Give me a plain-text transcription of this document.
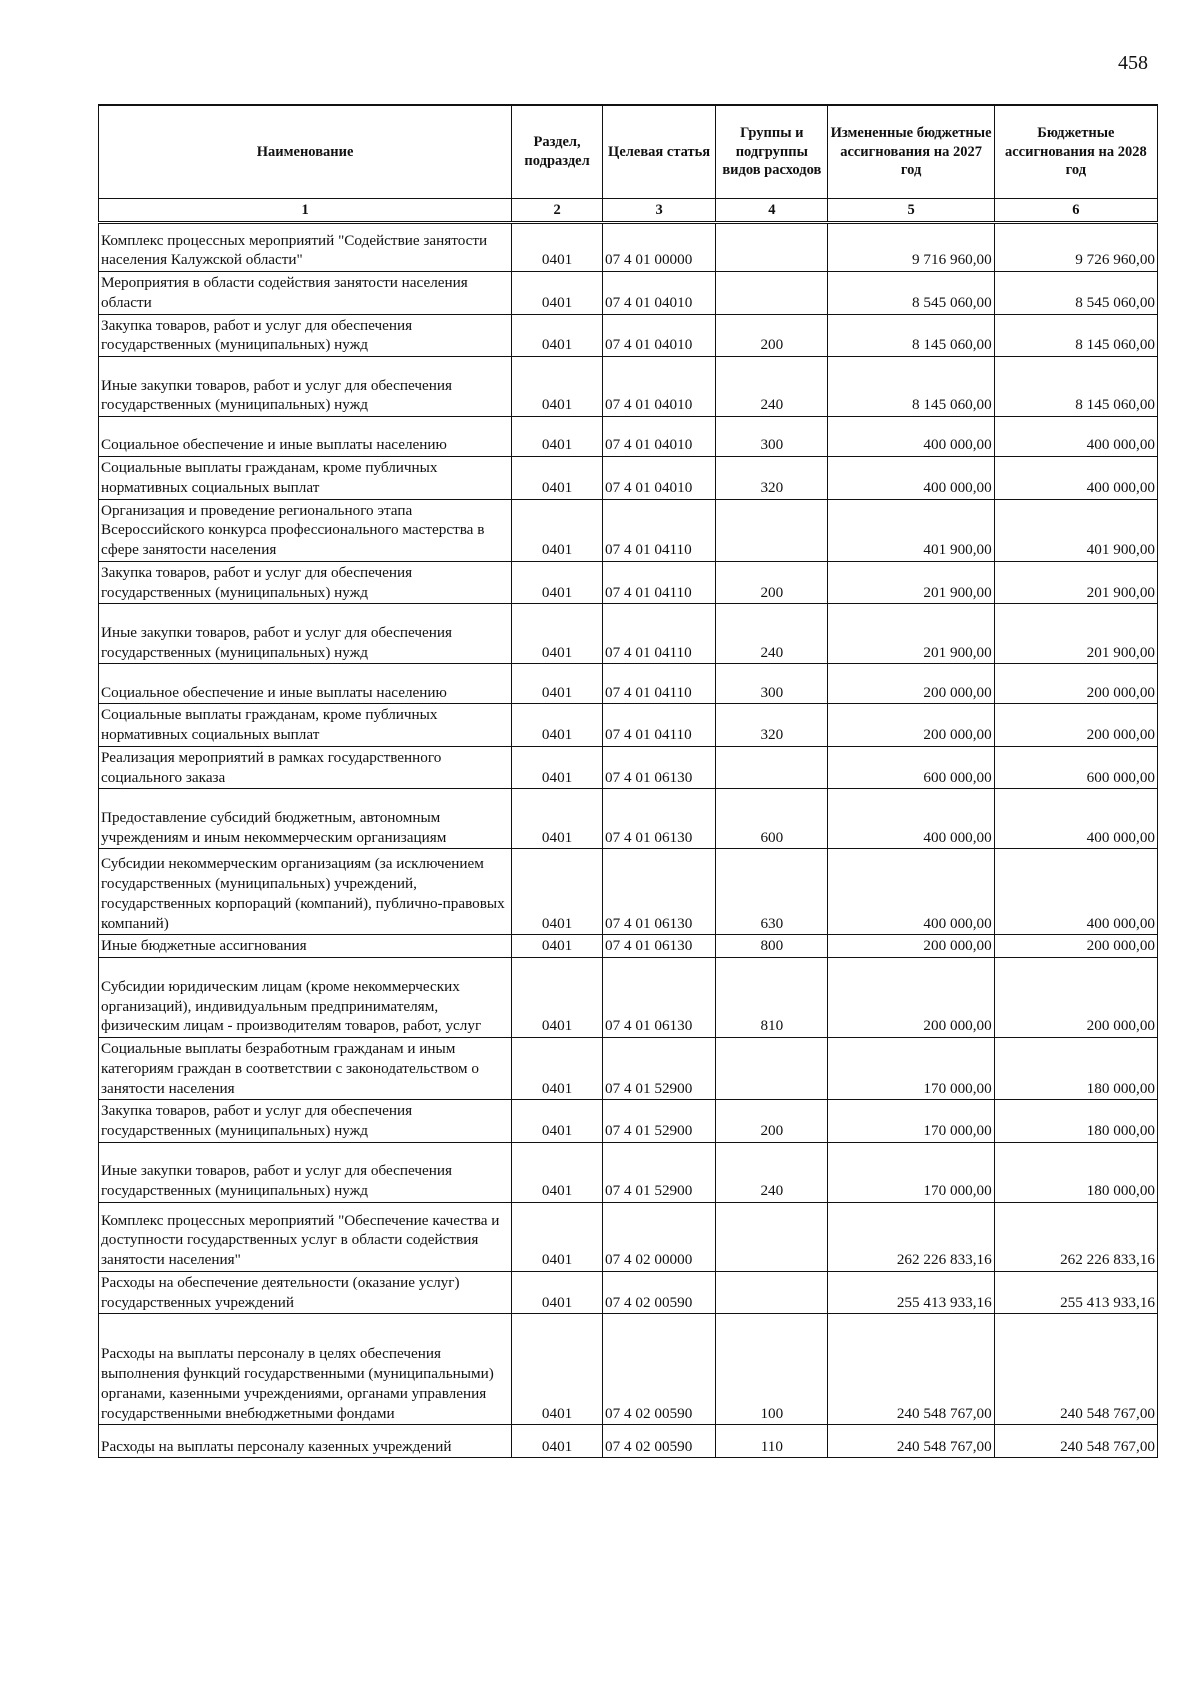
458
Наименование	Раздел, подраздел	Целевая статья	Группы и подгруппы видов расходов	Измененные бюджетные ассигнования на 2027 год	Бюджетные ассигнования на 2028 год
1	2	3	4	5	6
Комплекс процессных мероприятий "Содействие занятости населения Калужской области"	0401	07 4 01 00000		9 716 960,00	9 726 960,00
Мероприятия в области содействия занятости населения области	0401	07 4 01 04010		8 545 060,00	8 545 060,00
Закупка товаров, работ и услуг для обеспечения государственных (муниципальных) нужд	0401	07 4 01 04010	200	8 145 060,00	8 145 060,00
Иные закупки товаров, работ и услуг для обеспечения государственных (муниципальных) нужд	0401	07 4 01 04010	240	8 145 060,00	8 145 060,00
Социальное обеспечение и иные выплаты населению	0401	07 4 01 04010	300	400 000,00	400 000,00
Социальные выплаты гражданам, кроме публичных нормативных социальных выплат	0401	07 4 01 04010	320	400 000,00	400 000,00
Организация и проведение регионального этапа Всероссийского конкурса профессионального мастерства в сфере занятости населения	0401	07 4 01 04110		401 900,00	401 900,00
Закупка товаров, работ и услуг для обеспечения государственных (муниципальных) нужд	0401	07 4 01 04110	200	201 900,00	201 900,00
Иные закупки товаров, работ и услуг для обеспечения государственных (муниципальных) нужд	0401	07 4 01 04110	240	201 900,00	201 900,00
Социальное обеспечение и иные выплаты населению	0401	07 4 01 04110	300	200 000,00	200 000,00
Социальные выплаты гражданам, кроме публичных нормативных социальных выплат	0401	07 4 01 04110	320	200 000,00	200 000,00
Реализация мероприятий в рамках государственного социального заказа	0401	07 4 01 06130		600 000,00	600 000,00
Предоставление субсидий бюджетным, автономным учреждениям и иным некоммерческим организациям	0401	07 4 01 06130	600	400 000,00	400 000,00
Субсидии некоммерческим организациям (за исключением государственных (муниципальных) учреждений, государственных корпораций (компаний), публично-правовых компаний)	0401	07 4 01 06130	630	400 000,00	400 000,00
Иные бюджетные ассигнования	0401	07 4 01 06130	800	200 000,00	200 000,00
Субсидии юридическим лицам (кроме некоммерческих организаций), индивидуальным предпринимателям, физическим лицам - производителям товаров, работ, услуг	0401	07 4 01 06130	810	200 000,00	200 000,00
Социальные выплаты безработным гражданам и иным категориям граждан в соответствии с законодательством о занятости населения	0401	07 4 01 52900		170 000,00	180 000,00
Закупка товаров, работ и услуг для обеспечения государственных (муниципальных) нужд	0401	07 4 01 52900	200	170 000,00	180 000,00
Иные закупки товаров, работ и услуг для обеспечения государственных (муниципальных) нужд	0401	07 4 01 52900	240	170 000,00	180 000,00
Комплекс процессных мероприятий "Обеспечение качества и доступности государственных услуг в области содействия занятости населения"	0401	07 4 02 00000		262 226 833,16	262 226 833,16
Расходы на обеспечение деятельности (оказание услуг) государственных учреждений	0401	07 4 02 00590		255 413 933,16	255 413 933,16
Расходы на выплаты персоналу в целях обеспечения выполнения функций государственными (муниципальными) органами, казенными учреждениями, органами управления государственными внебюджетными фондами	0401	07 4 02 00590	100	240 548 767,00	240 548 767,00
Расходы на выплаты персоналу казенных учреждений	0401	07 4 02 00590	110	240 548 767,00	240 548 767,00
